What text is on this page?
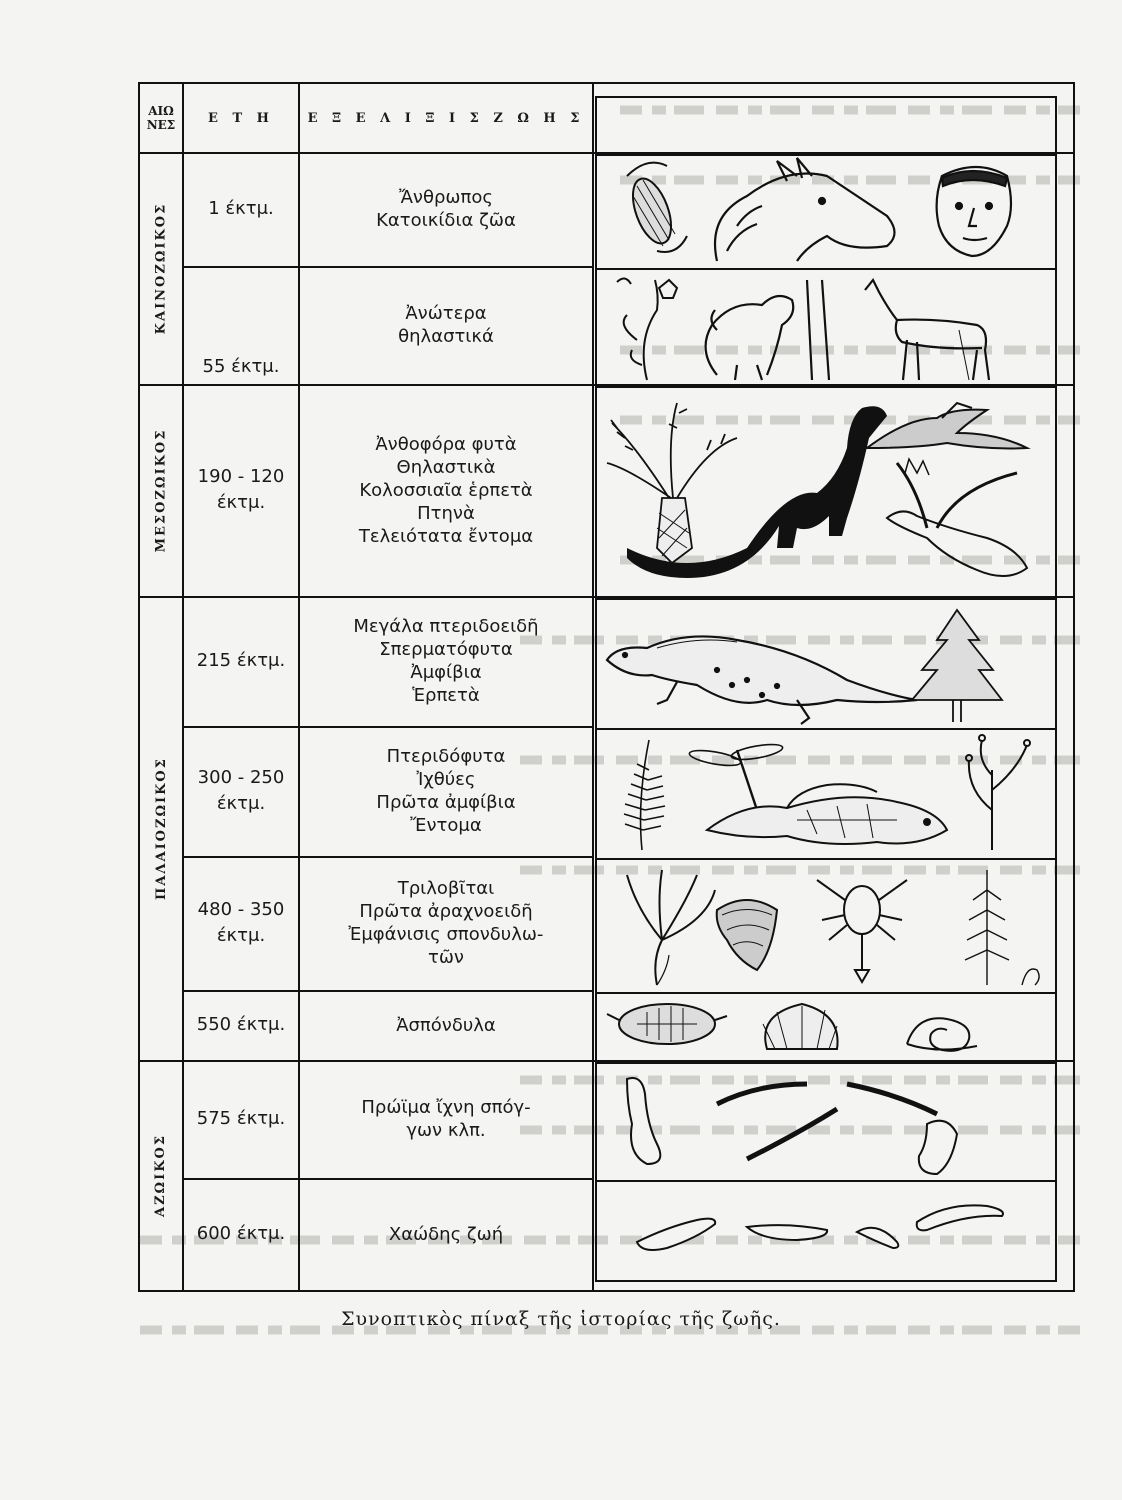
ΑΙΩ
ΝΕΣ	Ε Τ Η	Ε Ξ Ε Λ Ι Ξ Ι Σ Ζ Ω Η Σ
ΚΑΙΝΟΖΩΙΚΟΣ
ΜΕΣΟΖΩΙΚΟΣ
ΠΑΛΑΙΟΖΩΙΚΟΣ
ΑΖΩΙΚΟΣ
1 έκτμ.
55 έκτμ.
190 - 120
έκτμ.
215 έκτμ.
300 - 250
έκτμ.
480 - 350
έκτμ.
550 έκτμ.
575 έκτμ.
600 έκτμ.
Ἄνθρωπος
Κατοικίδια ζῶα
Ἀνώτερα
θηλαστικά
Ἀνθοφόρα φυτὰ
Θηλαστικὰ
Κολοσσιαῖα ἑρπετὰ
Πτηνὰ
Τελειότατα ἔντομα
Μεγάλα πτεριδοειδῆ
Σπερματόφυτα
Ἀμφίβια
Ἑρπετὰ
Πτεριδόφυτα
Ἰχθύες
Πρῶτα ἀμφίβια
Ἔντομα
Τριλοβῖται
Πρῶτα ἀραχνοειδῆ
Ἐμφάνισις σπονδυλω-
τῶν
Ἀσπόνδυλα
Πρώϊμα ἴχνη σπόγ-
γων κλπ.
Χαώδης ζωή
Συνοπτικὸς πίναξ τῆς ἱστορίας τῆς ζωῆς.
